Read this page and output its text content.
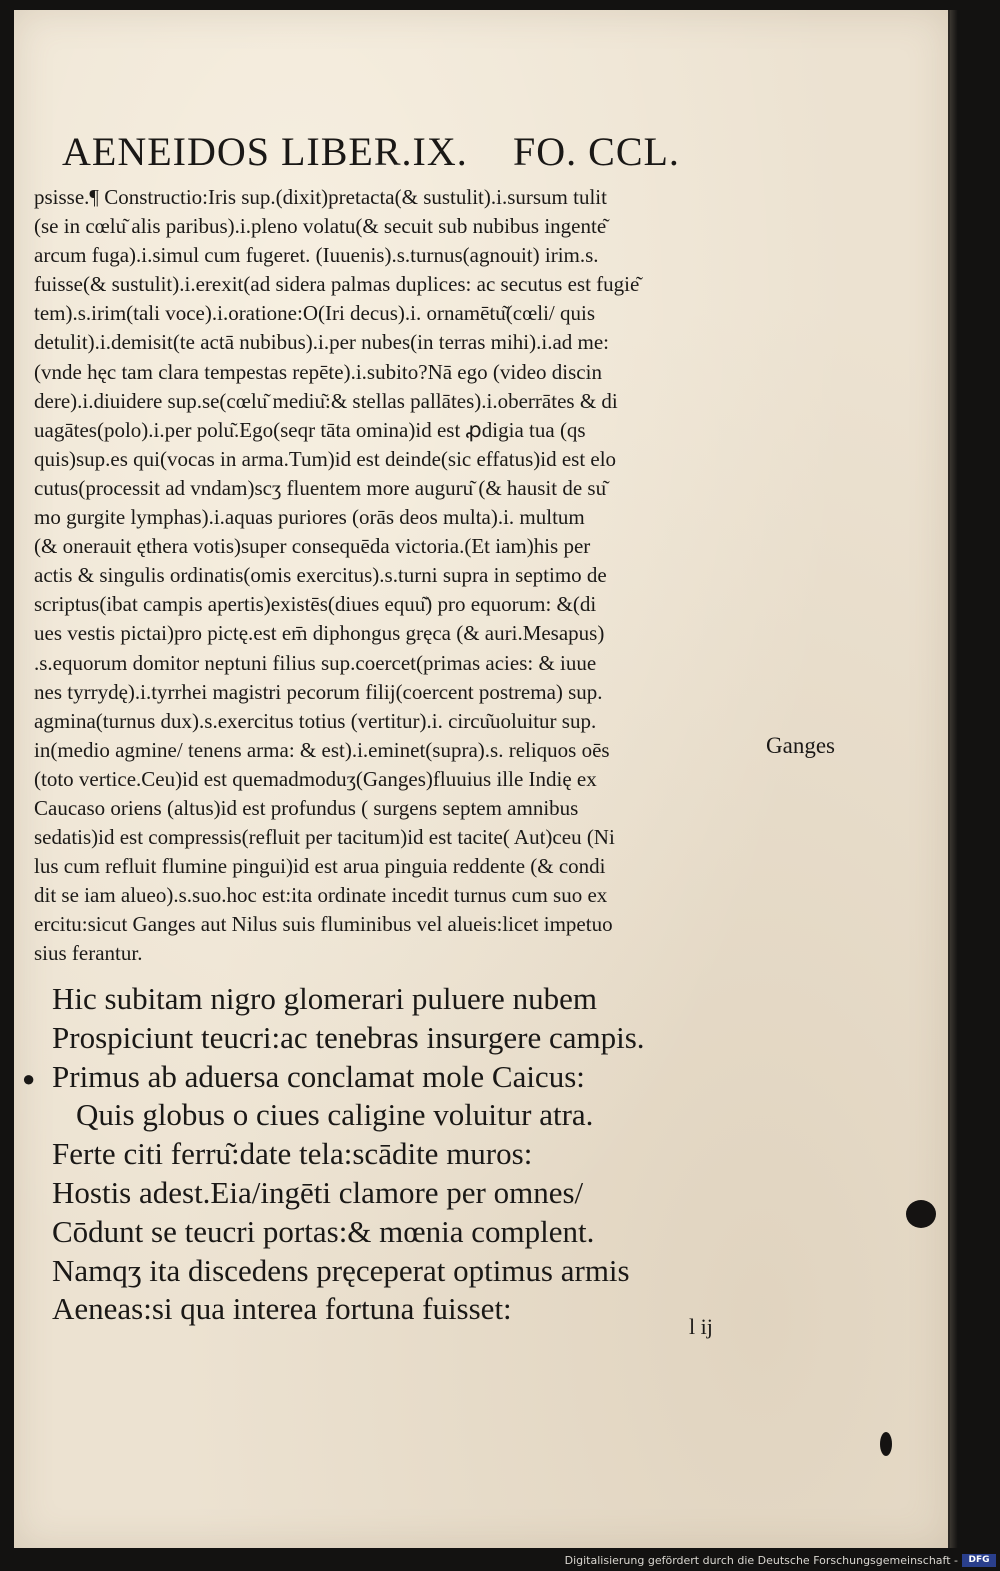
AENEIDOS LIBER.IX. FO. CCL.
psisse.¶ Constructio:Iris sup.(dixit)pretacta(& sustulit).i.sursum tulit
(se in cœlu͂ alis paribus).i.pleno volatu(& secuit sub nubibus ingente͂
arcum fuga).i.simul cum fugeret. (Iuuenis).s.turnus(agnouit) irim.s.
fuisse(& sustulit).i.erexit(ad sidera palmas duplices: ac secutus est fugie͂
tem).s.irim(tali voce).i.oratione:O(Iri decus).i. ornamētu͂(cœli/ quis
detulit).i.demisit(te actā nubibus).i.per nubes(in terras mihi).i.ad me:
(vnde hęc tam clara tempestas repēte).i.subito?Nā ego (video discin
dere).i.diuidere sup.se(cœlu͂ mediu͂:& stellas pallātes).i.oberrātes & di
uagātes(polo).i.per polu͂.Ego(seqr tāta omina)id est ꝓdigia tua (qs
quis)sup.es qui(vocas in arma.Tum)id est deinde(sic effatus)id est elo
cutus(processit ad vndam)scʒ fluentem more auguru͂ (& hausit de su͂
mo gurgite lymphas).i.aquas puriores (orās deos multa).i. multum
(& onerauit ęthera votis)super consequēda victoria.(Et iam)his per
actis & singulis ordinatis(omis exercitus).s.turni supra in septimo de
scriptus(ibat campis apertis)existēs(diues equu͂) pro equorum: &(di
ues vestis pictai)pro pictę.est em̄ diphongus gręca (& auri.Mesapus)
.s.equorum domitor neptuni filius sup.coercet(primas acies: & iuue
nes tyrrydę).i.tyrrhei magistri pecorum filij(coercent postrema) sup.
agmina(turnus dux).s.exercitus totius (vertitur).i. circu͂uoluitur sup.
in(medio agmine/ tenens arma: & est).i.eminet(supra).s. reliquos oēs
(toto vertice.Ceu)id est quemadmoduʒ(Ganges)fluuius ille Indię ex
Caucaso oriens (altus)id est profundus ( surgens septem amnibus
sedatis)id est compressis(refluit per tacitum)id est tacite( Aut)ceu (Ni
lus cum refluit flumine pingui)id est arua pinguia reddente (& condi
dit se iam alueo).s.suo.hoc est:ita ordinate incedit turnus cum suo ex
ercitu:sicut Ganges aut Nilus suis fluminibus vel alueis:licet impetuo
sius ferantur.
Ganges
Hic subitam nigro glomerari puluere nubem
Prospiciunt teucri:ac tenebras insurgere campis.
● Primus ab aduersa conclamat mole Caicus:
Quis globus o ciues caligine voluitur atra.
Ferte citi ferru͂:date tela:scādite muros:
Hostis adest.Eia/ingēti clamore per omnes/
Cōdunt se teucri portas:& mœnia complent.
Namqʒ ita discedens pręceperat optimus armis
Aeneas:si qua interea fortuna fuisset:
l ij
Digitalisierung gefördert durch die Deutsche Forschungsgemeinschaft -	DFG
